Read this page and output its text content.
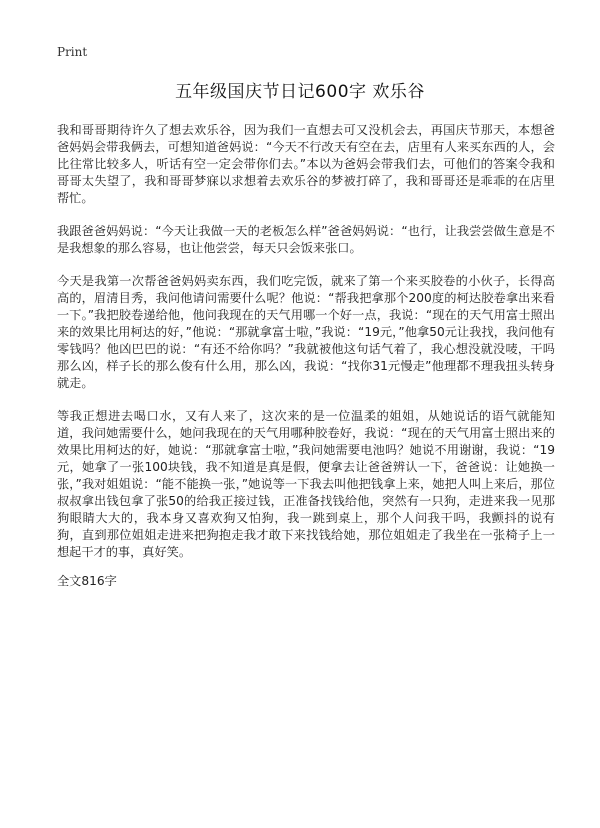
Print
五年级国庆节日记600字 欢乐谷

我和哥哥期待许久了想去欢乐谷，因为我们一直想去可又没机会去，再国庆节那天，本想爸爸妈妈会带我俩去，可想知道爸妈说：“今天不行改天有空在去，店里有人来买东西的人，会比往常比较多人，听话有空一定会带你们去。”本以为爸妈会带我们去，可他们的答案令我和哥哥太失望了，我和哥哥梦寐以求想着去欢乐谷的梦被打碎了，我和哥哥还是乖乖的在店里帮忙。

我跟爸爸妈妈说：“今天让我做一天的老板怎么样”爸爸妈妈说：“也行，让我尝尝做生意是不是我想象的那么容易，也让他尝尝，每天只会饭来张口。

今天是我第一次帮爸爸妈妈卖东西，我们吃完饭，就来了第一个来买胶卷的小伙子，长得高高的，眉清目秀，我问他请问需要什么呢？他说：“帮我把拿那个200度的柯达胶卷拿出来看一下。”我把胶卷递给他，他问我现在的天气用哪一个好一点，我说：“现在的天气用富士照出来的效果比用柯达的好，”他说：“那就拿富士啦，”我说：“19元，”他拿50元让我找，我问他有零钱吗？他凶巴巴的说：“有还不给你吗？”我就被他这句话气着了，我心想没就没唛，干吗那么凶，样子长的那么俊有什么用，那么凶，我说：“找你31元慢走”他理都不理我扭头转身就走。

等我正想进去喝口水，又有人来了，这次来的是一位温柔的姐姐，从她说话的语气就能知道，我问她需要什么，她问我现在的天气用哪种胶卷好，我说：“现在的天气用富士照出来的效果比用柯达的好，她说：“那就拿富士啦，”我问她需要电池吗？她说不用谢谢，我说：“19元，她拿了一张100块钱，我不知道是真是假，便拿去让爸爸辨认一下，爸爸说：让她换一张，”我对姐姐说：“能不能换一张，”她说等一下我去叫他把钱拿上来，她把人叫上来后，那位叔叔拿出钱包拿了张50的给我正接过钱，正准备找钱给他，突然有一只狗，走进来我一见那狗眼睛大大的，我本身又喜欢狗又怕狗，我一跳到桌上，那个人问我干吗，我颤抖的说有狗，直到那位姐姐走进来把狗抱走我才敢下来找钱给她，那位姐姐走了我坐在一张椅子上一想起干才的事，真好笑。

全文816字
